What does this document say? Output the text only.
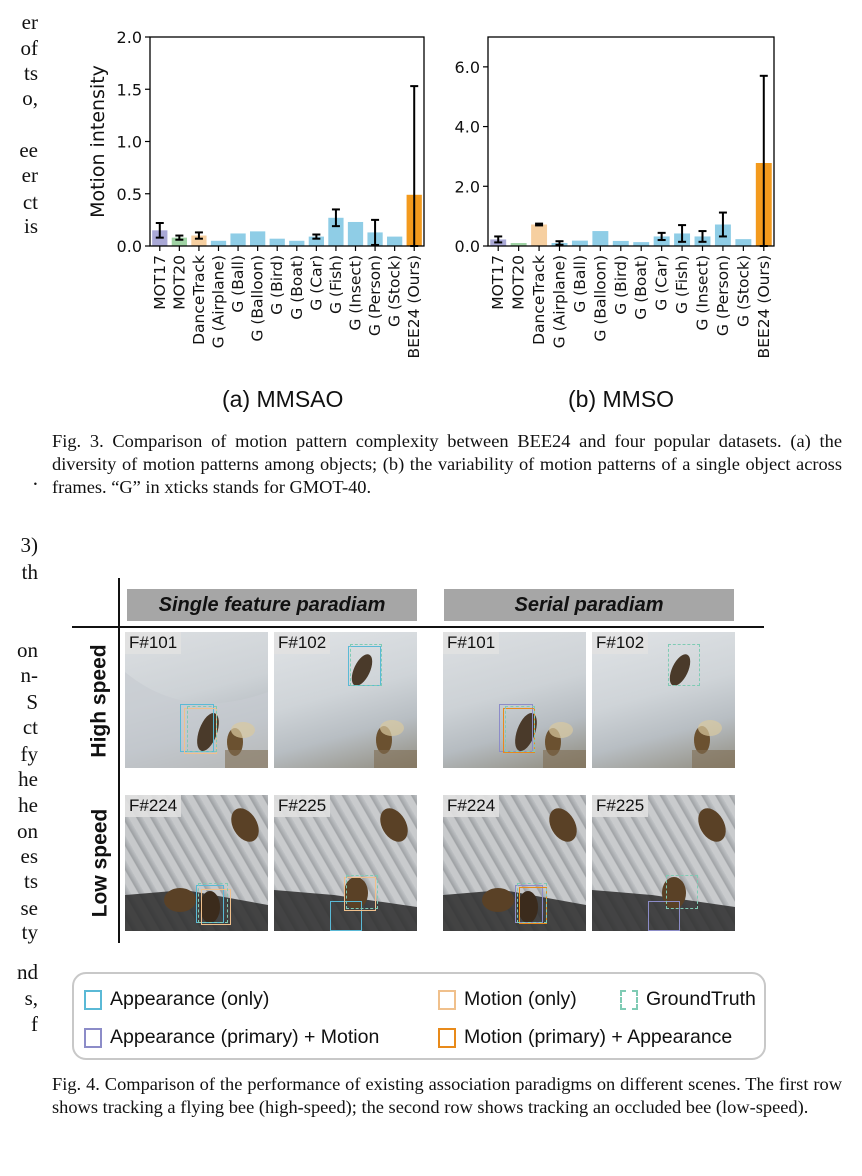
er
of
ts
o,
ee
er
ct
is
.
3)
th
on
n-
S
ct
fy
he
he
on
es
ts
se
ty
nd
s,
f
MOT17 MOT20 DanceTrack G (Airplane) G (Ball) G (Balloon) G (Bird) G (Boat) G (Car) G (Fish) G (Insect) G (Person) G (Stock) BEE24 (Ours)
0.0
0.5
1.0
1.5
2.0
Motion intensity
MOT17 MOT20 DanceTrack G (Airplane) G (Ball) G (Balloon) G (Bird) G (Boat) G (Car) G (Fish) G (Insect) G (Person) G (Stock) BEE24 (Ours)
0.0
2.0
4.0
6.0
(a) MMSAO	(b) MMSO
Fig. 3. Comparison of motion pattern complexity between BEE24 and four popular datasets. (a) the diversity of motion patterns among objects; (b) the variability of motion patterns of a single object across frames. “G” in xticks stands for GMOT-40.
Single feature paradiam	Serial paradiam
High speed
Low speed
F#101	F#102	F#101	F#102
F#224	F#225	F#224	F#225
Appearance (only)	Motion (only)	GroundTruth
Appearance (primary) + Motion	Motion (primary) + Appearance
Fig. 4. Comparison of the performance of existing association paradigms on different scenes. The first row shows tracking a flying bee (high-speed); the second row shows tracking an occluded bee (low-speed).
